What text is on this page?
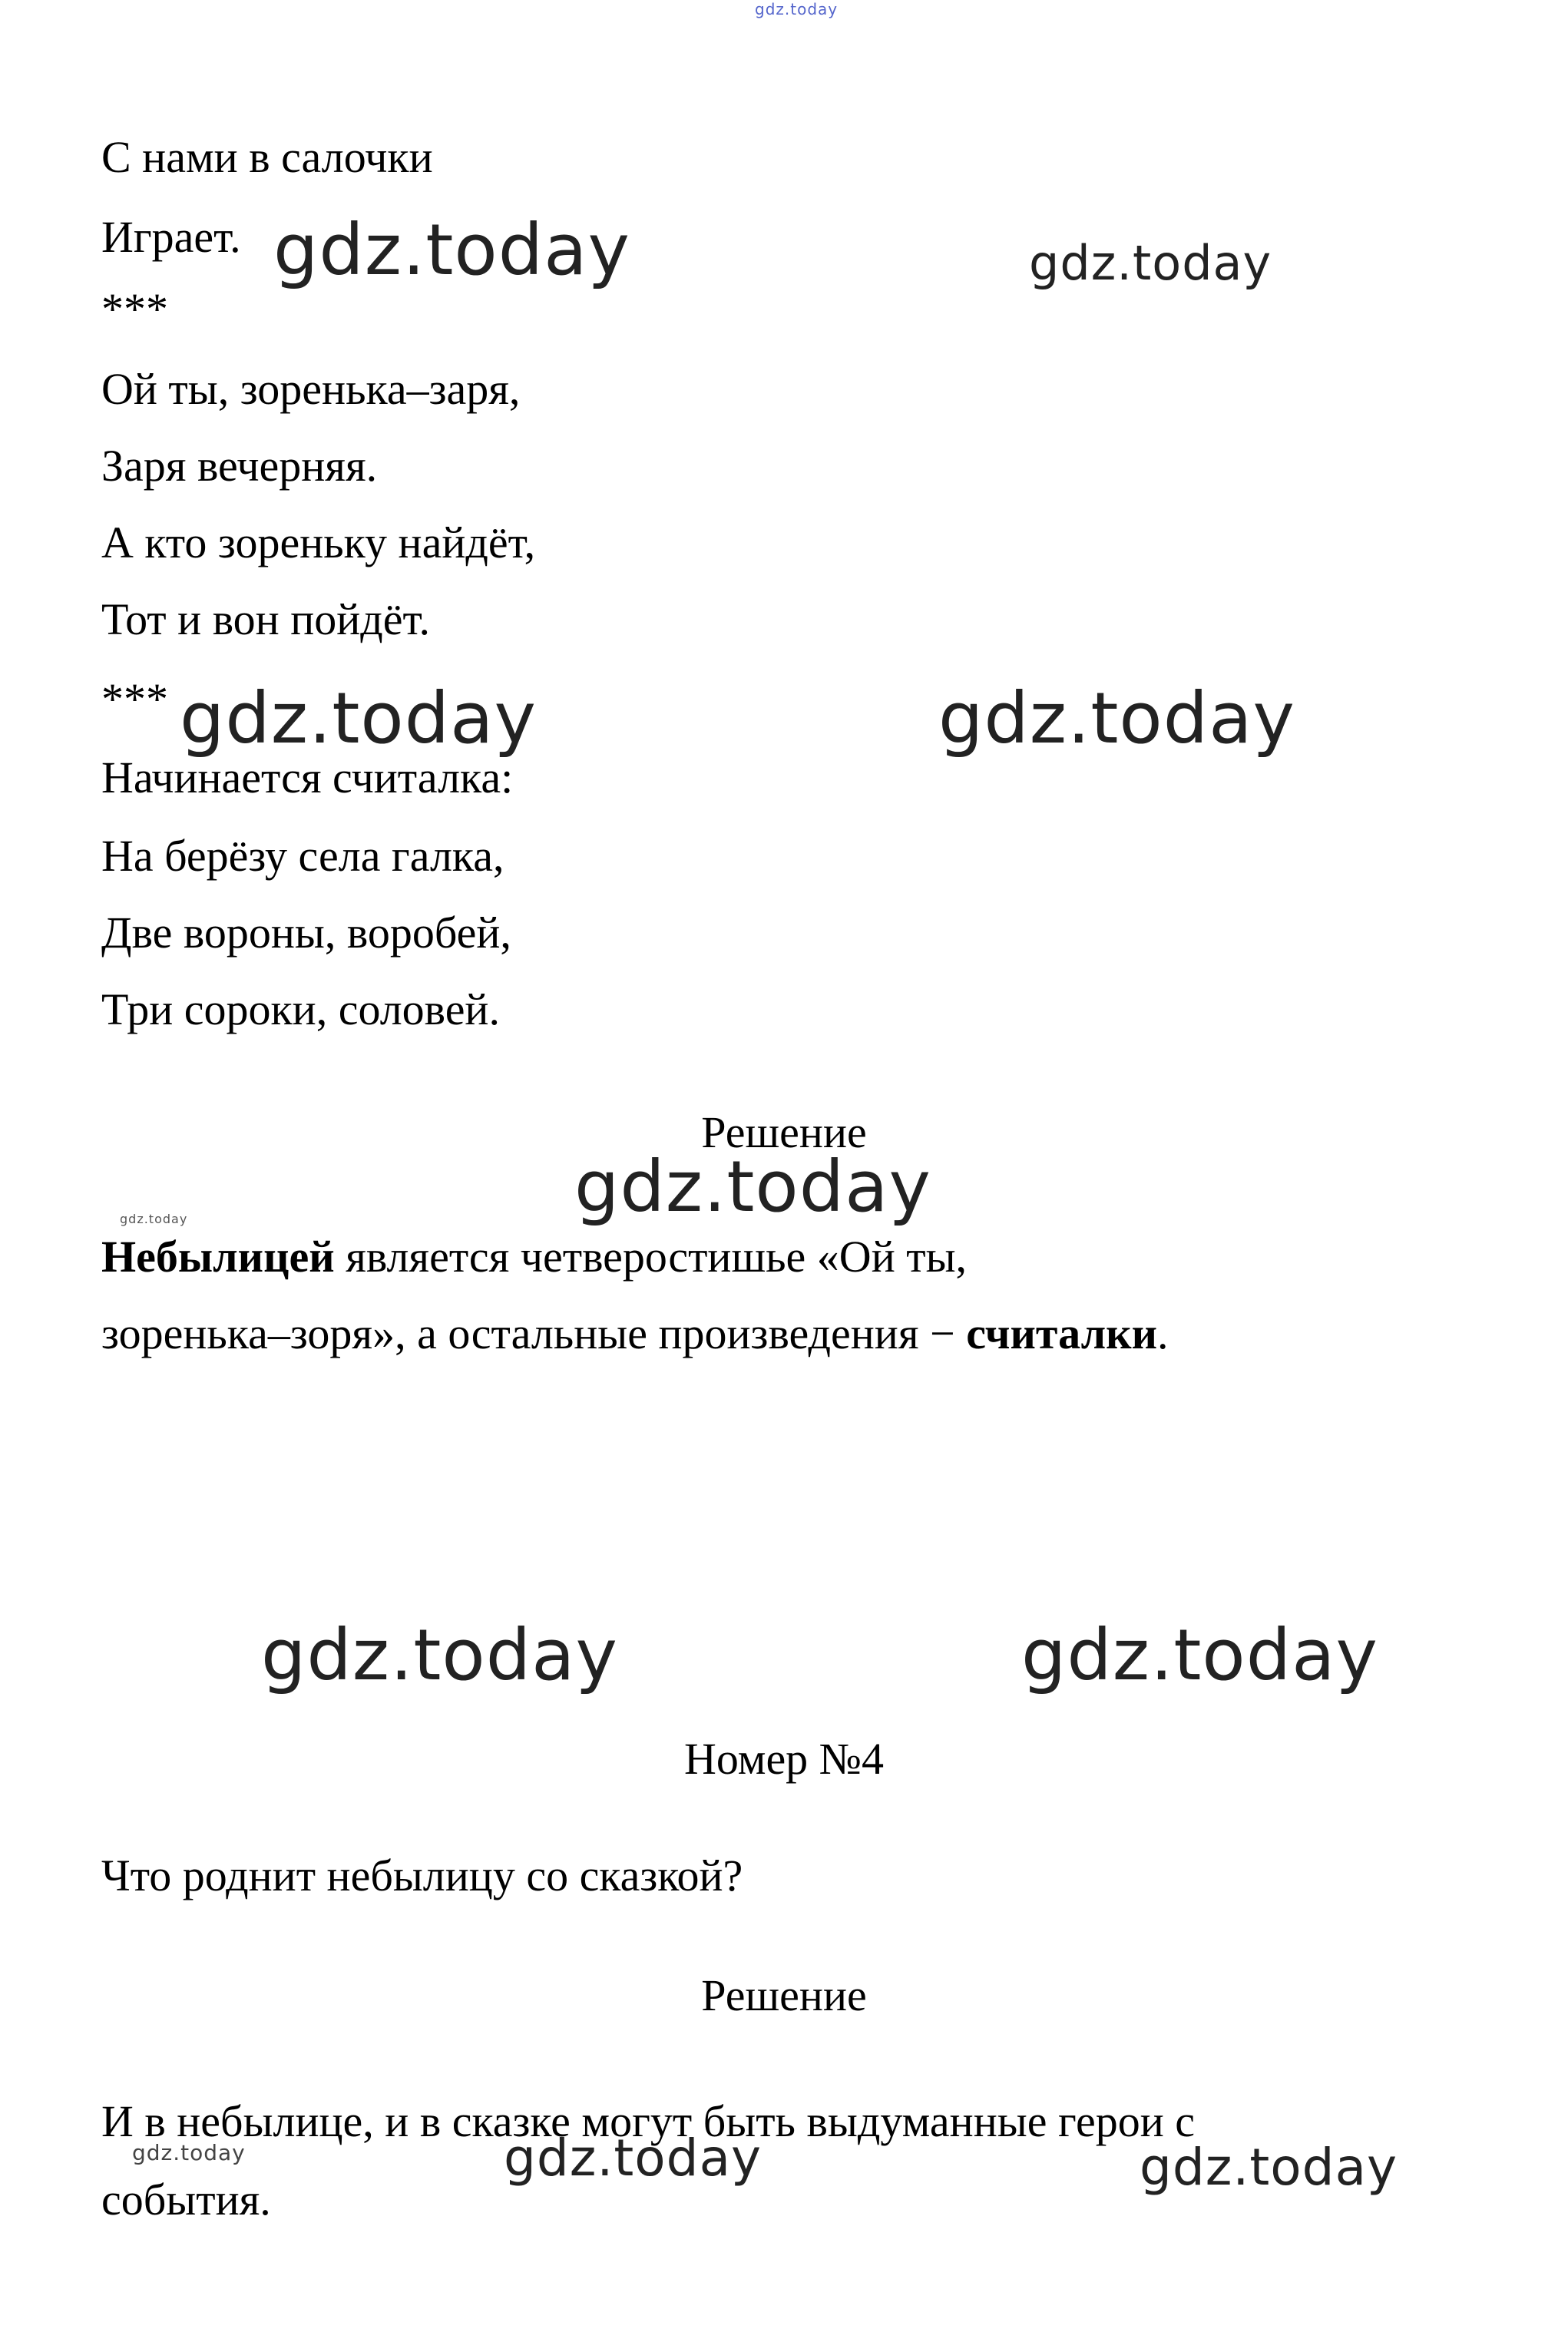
gdz.today
gdz.today	gdz.today
gdz.today	gdz.today
gdz.today
gdz.today
gdz.today	gdz.today
gdz.today	gdz.today	gdz.today
С нами в салочки
Играет.
***
Ой ты, зоренька–заря,
Заря вечерняя.
А кто зореньку найдёт,
Тот и вон пойдёт.
***
Начинается считалка:
На берёзу села галка,
Две вороны, воробей,
Три сороки, соловей.
Решение
Небылицей является четверостишье «Ой ты,
зоренька–зоря», а остальные произведения − считалки.
Номер №4
Что роднит небылицу со сказкой?
Решение
И в небылице, и в сказке могут быть выдуманные герои с
события.
